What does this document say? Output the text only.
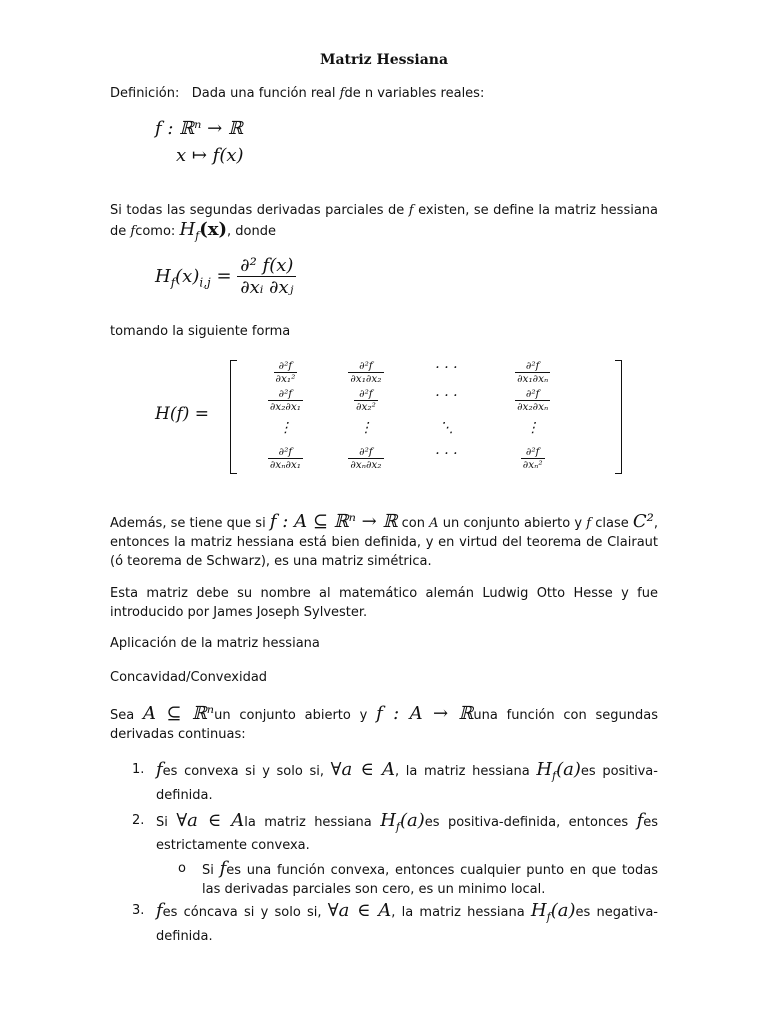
Matriz Hessiana
Definición: Dada una función real fde n variables reales:
f : ℝⁿ → ℝ
x ↦ f(x)
Si todas las segundas derivadas parciales de f existen, se define la matriz hessiana de fcomo: $H_f(x)$, donde
$H_f(x)_{i,j} = \frac{\text{∂² f(x)}}{\text{∂xᵢ ∂xⱼ}}$
tomando la siguiente forma
H(f) =
$\frac{\text{∂²f}}{\text{∂x₁²}}$	$\frac{\text{∂²f}}{\text{∂x₁∂x₂}}$	· · ·	$\frac{\text{∂²f}}{\text{∂x₁∂xₙ}}$
$\frac{\text{∂²f}}{\text{∂x₂∂x₁}}$	$\frac{\text{∂²f}}{\text{∂x₂²}}$	· · ·	$\frac{\text{∂²f}}{\text{∂x₂∂xₙ}}$
⋮	⋮	⋱	⋮
$\frac{\text{∂²f}}{\text{∂xₙ∂x₁}}$	$\frac{\text{∂²f}}{\text{∂xₙ∂x₂}}$	· · ·	$\frac{\text{∂²f}}{\text{∂xₙ²}}$
Además, se tiene que si f : A ⊆ ℝⁿ → ℝ con A un conjunto abierto y f clase C², entonces la matriz hessiana está bien definida, y en virtud del teorema de Clairaut (ó teorema de Schwarz), es una matriz simétrica.
Esta matriz debe su nombre al matemático alemán Ludwig Otto Hesse y fue introducido por James Joseph Sylvester.
Aplicación de la matriz hessiana
Concavidad/Convexidad
Sea A ⊆ ℝⁿun conjunto abierto y f : A → ℝuna función con segundas derivadas continuas:
1. fes convexa si y solo si, ∀a ∈ A, la matriz hessiana $H_f(a)es$ positiva-definida.
2. Si ∀a ∈ Ala matriz hessiana $H_f(a)es$ positiva-definida, entonces fes estrictamente convexa.
o Si fes una función convexa, entonces cualquier punto en que todas las derivadas parciales son cero, es un minimo local.
3. fes cóncava si y solo si, ∀a ∈ A, la matriz hessiana $H_f(a)es$ negativa-definida.
